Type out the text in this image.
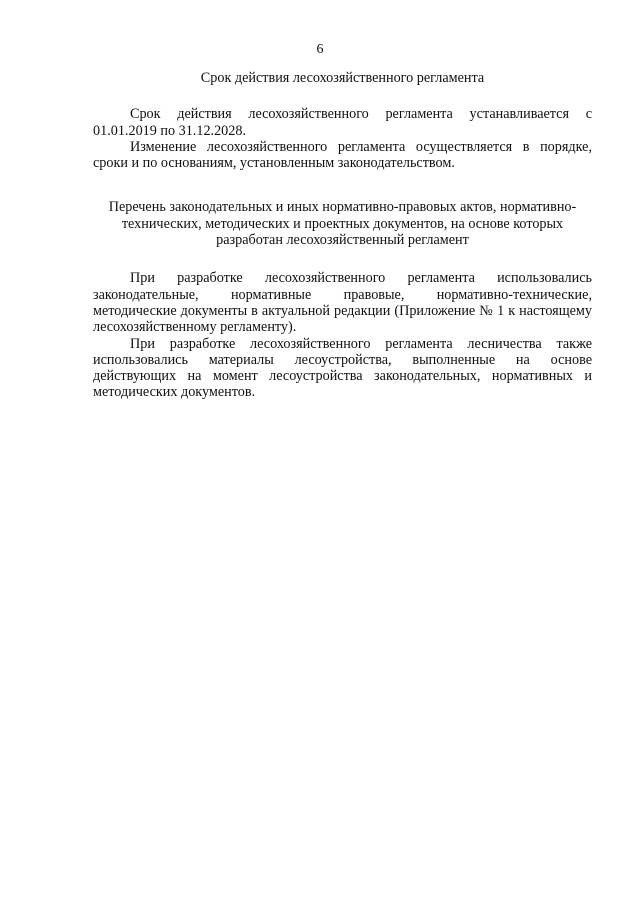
6
Срок действия лесохозяйственного регламента

Срок действия лесохозяйственного регламента устанавливается с 01.01.2019 по 31.12.2028.

Изменение лесохозяйственного регламента осуществляется в порядке, сроки и по основаниям, установленным законодательством.

Перечень законодательных и иных нормативно-правовых актов, нормативно-
технических, методических и проектных документов, на основе которых
разработан лесохозяйственный регламент

При разработке лесохозяйственного регламента использовались законодательные, нормативные правовые, нормативно-технические, методические документы в актуальной редакции (Приложение № 1 к настоящему лесохозяйственному регламенту).

При разработке лесохозяйственного регламента лесничества также использовались материалы лесоустройства, выполненные на основе действующих на момент лесоустройства законодательных, нормативных и методических документов.
